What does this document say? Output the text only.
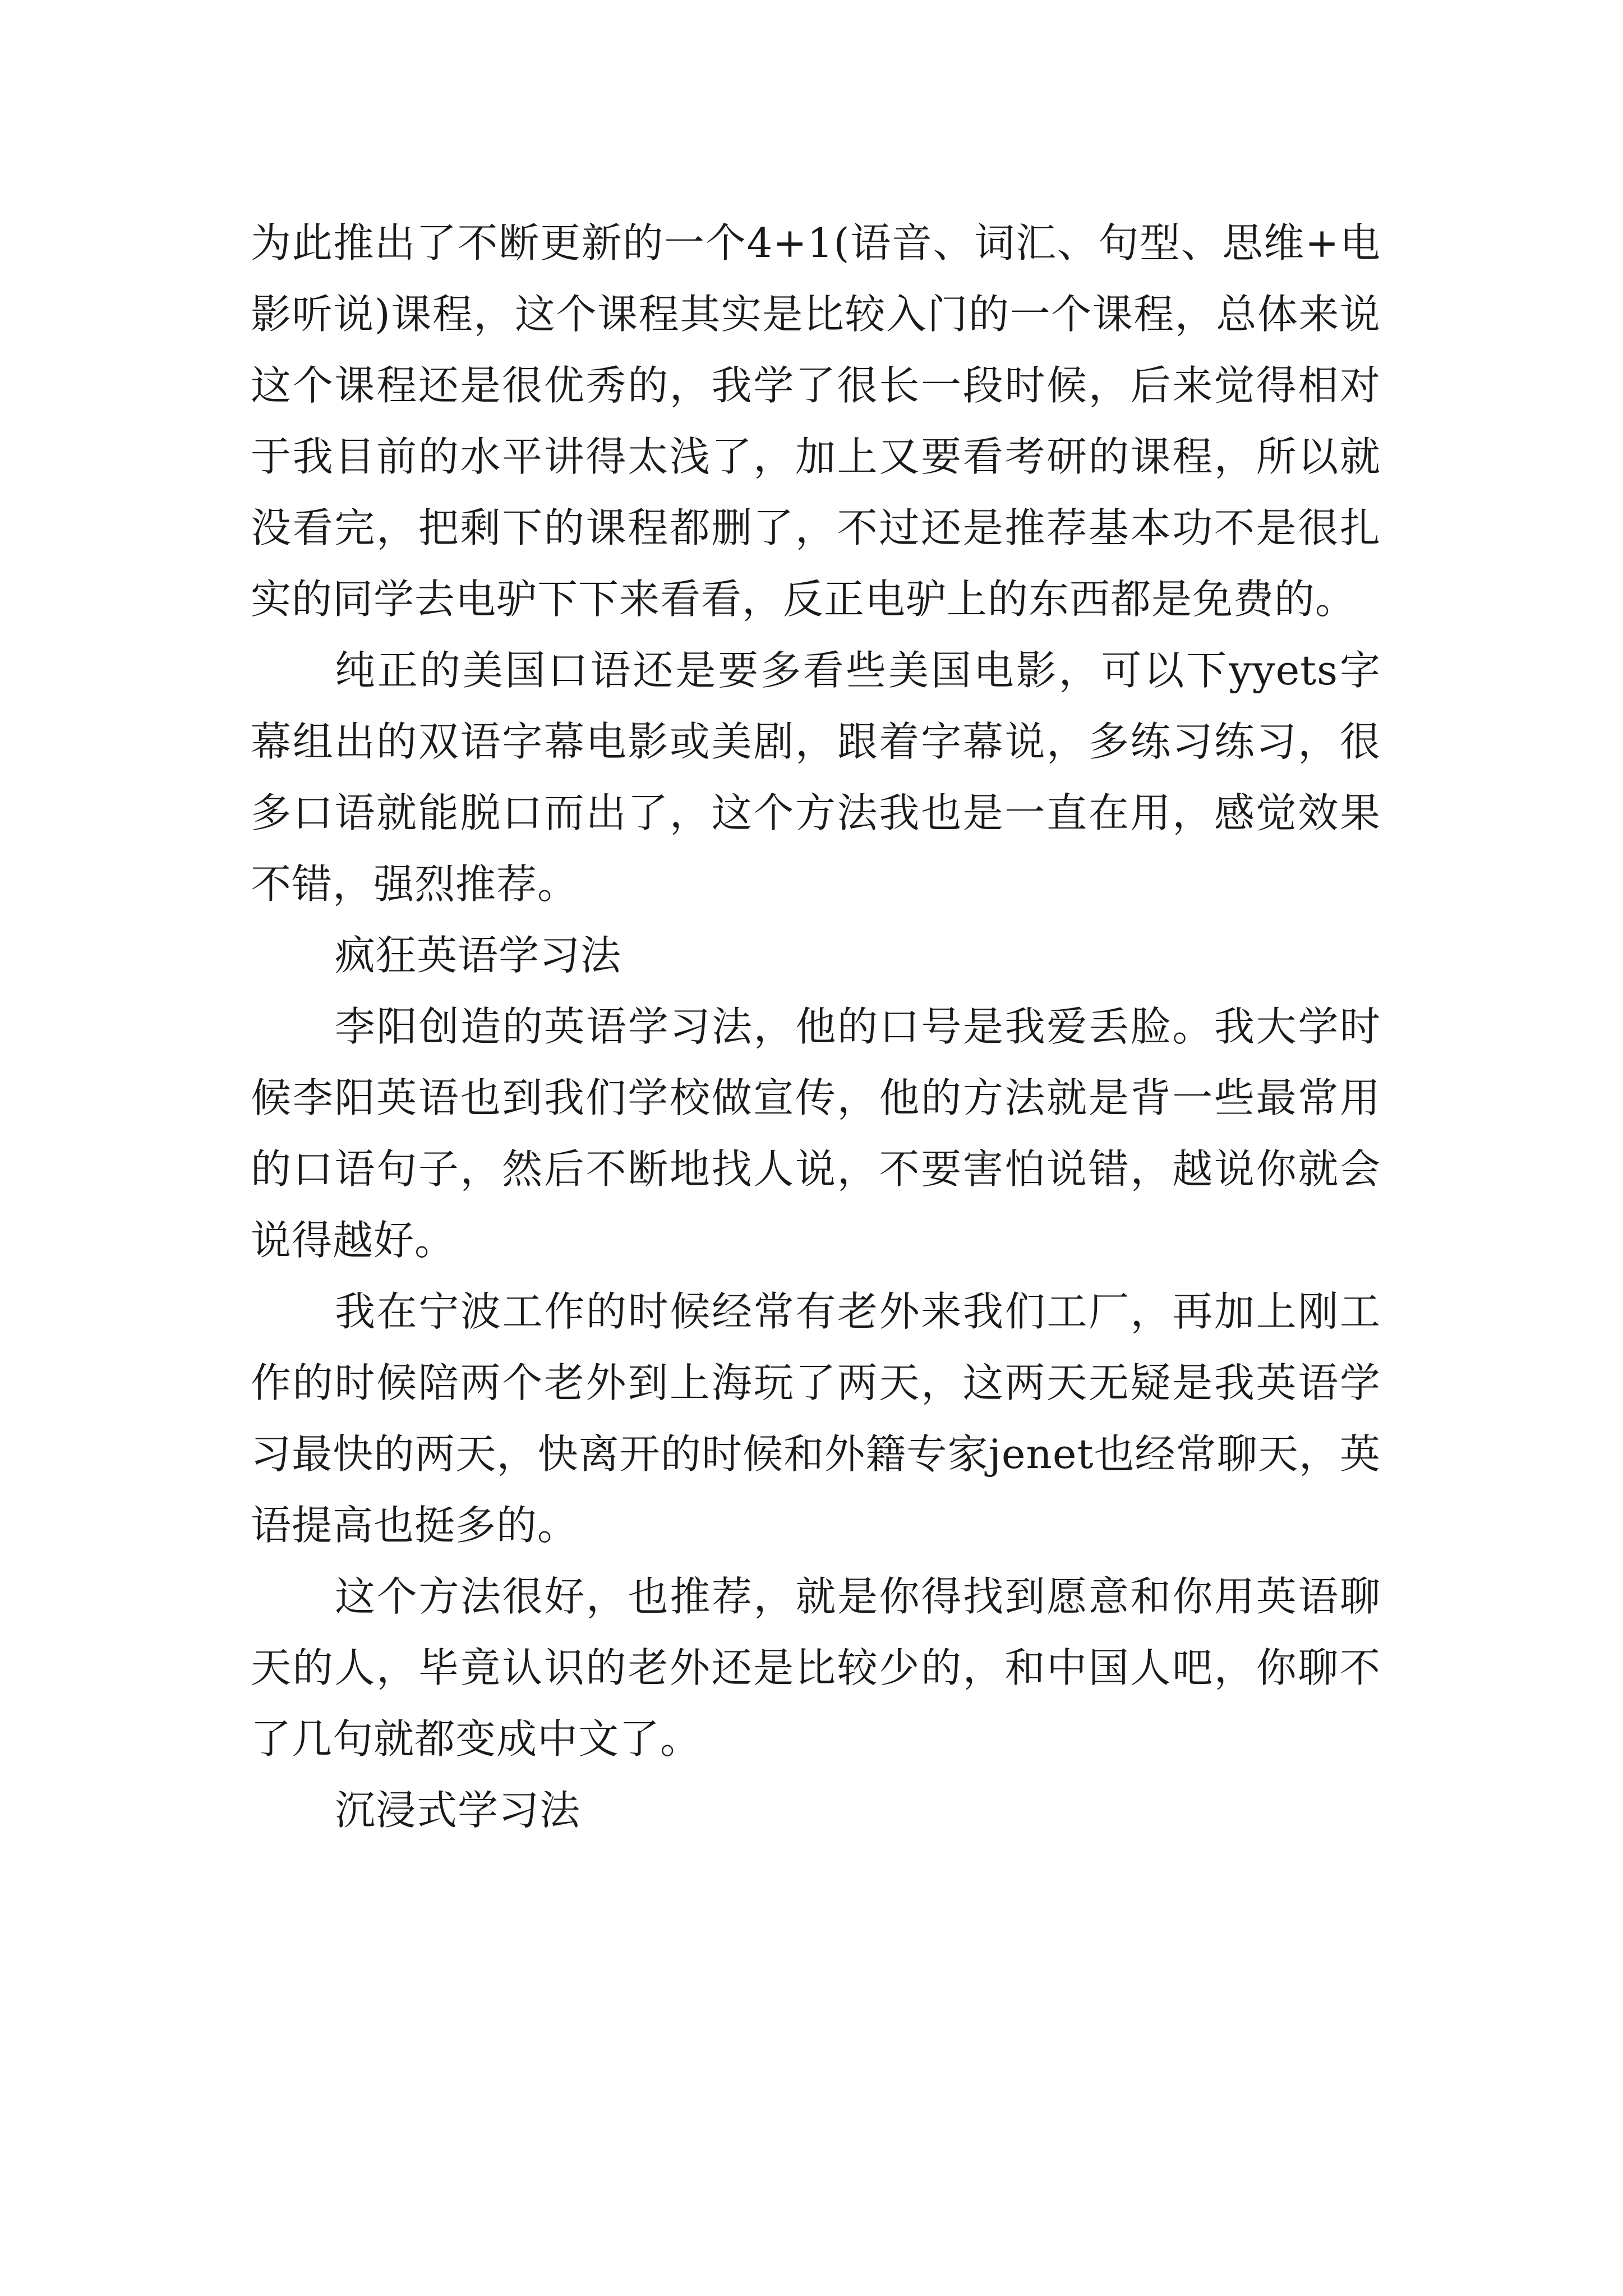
为此推出了不断更新的一个4+1(语音、词汇、句型、思维+电影听说)课程，这个课程其实是比较入门的一个课程，总体来说这个课程还是很优秀的，我学了很长一段时候，后来觉得相对于我目前的水平讲得太浅了，加上又要看考研的课程，所以就没看完，把剩下的课程都删了，不过还是推荐基本功不是很扎实的同学去电驴下下来看看，反正电驴上的东西都是免费的。

纯正的美国口语还是要多看些美国电影，可以下yyets字幕组出的双语字幕电影或美剧，跟着字幕说，多练习练习，很多口语就能脱口而出了，这个方法我也是一直在用，感觉效果不错，强烈推荐。

疯狂英语学习法

李阳创造的英语学习法，他的口号是我爱丢脸。我大学时候李阳英语也到我们学校做宣传，他的方法就是背一些最常用的口语句子，然后不断地找人说，不要害怕说错，越说你就会说得越好。

我在宁波工作的时候经常有老外来我们工厂，再加上刚工作的时候陪两个老外到上海玩了两天，这两天无疑是我英语学习最快的两天，快离开的时候和外籍专家jenet也经常聊天，英语提高也挺多的。

这个方法很好，也推荐，就是你得找到愿意和你用英语聊天的人，毕竟认识的老外还是比较少的，和中国人吧，你聊不了几句就都变成中文了。

沉浸式学习法
